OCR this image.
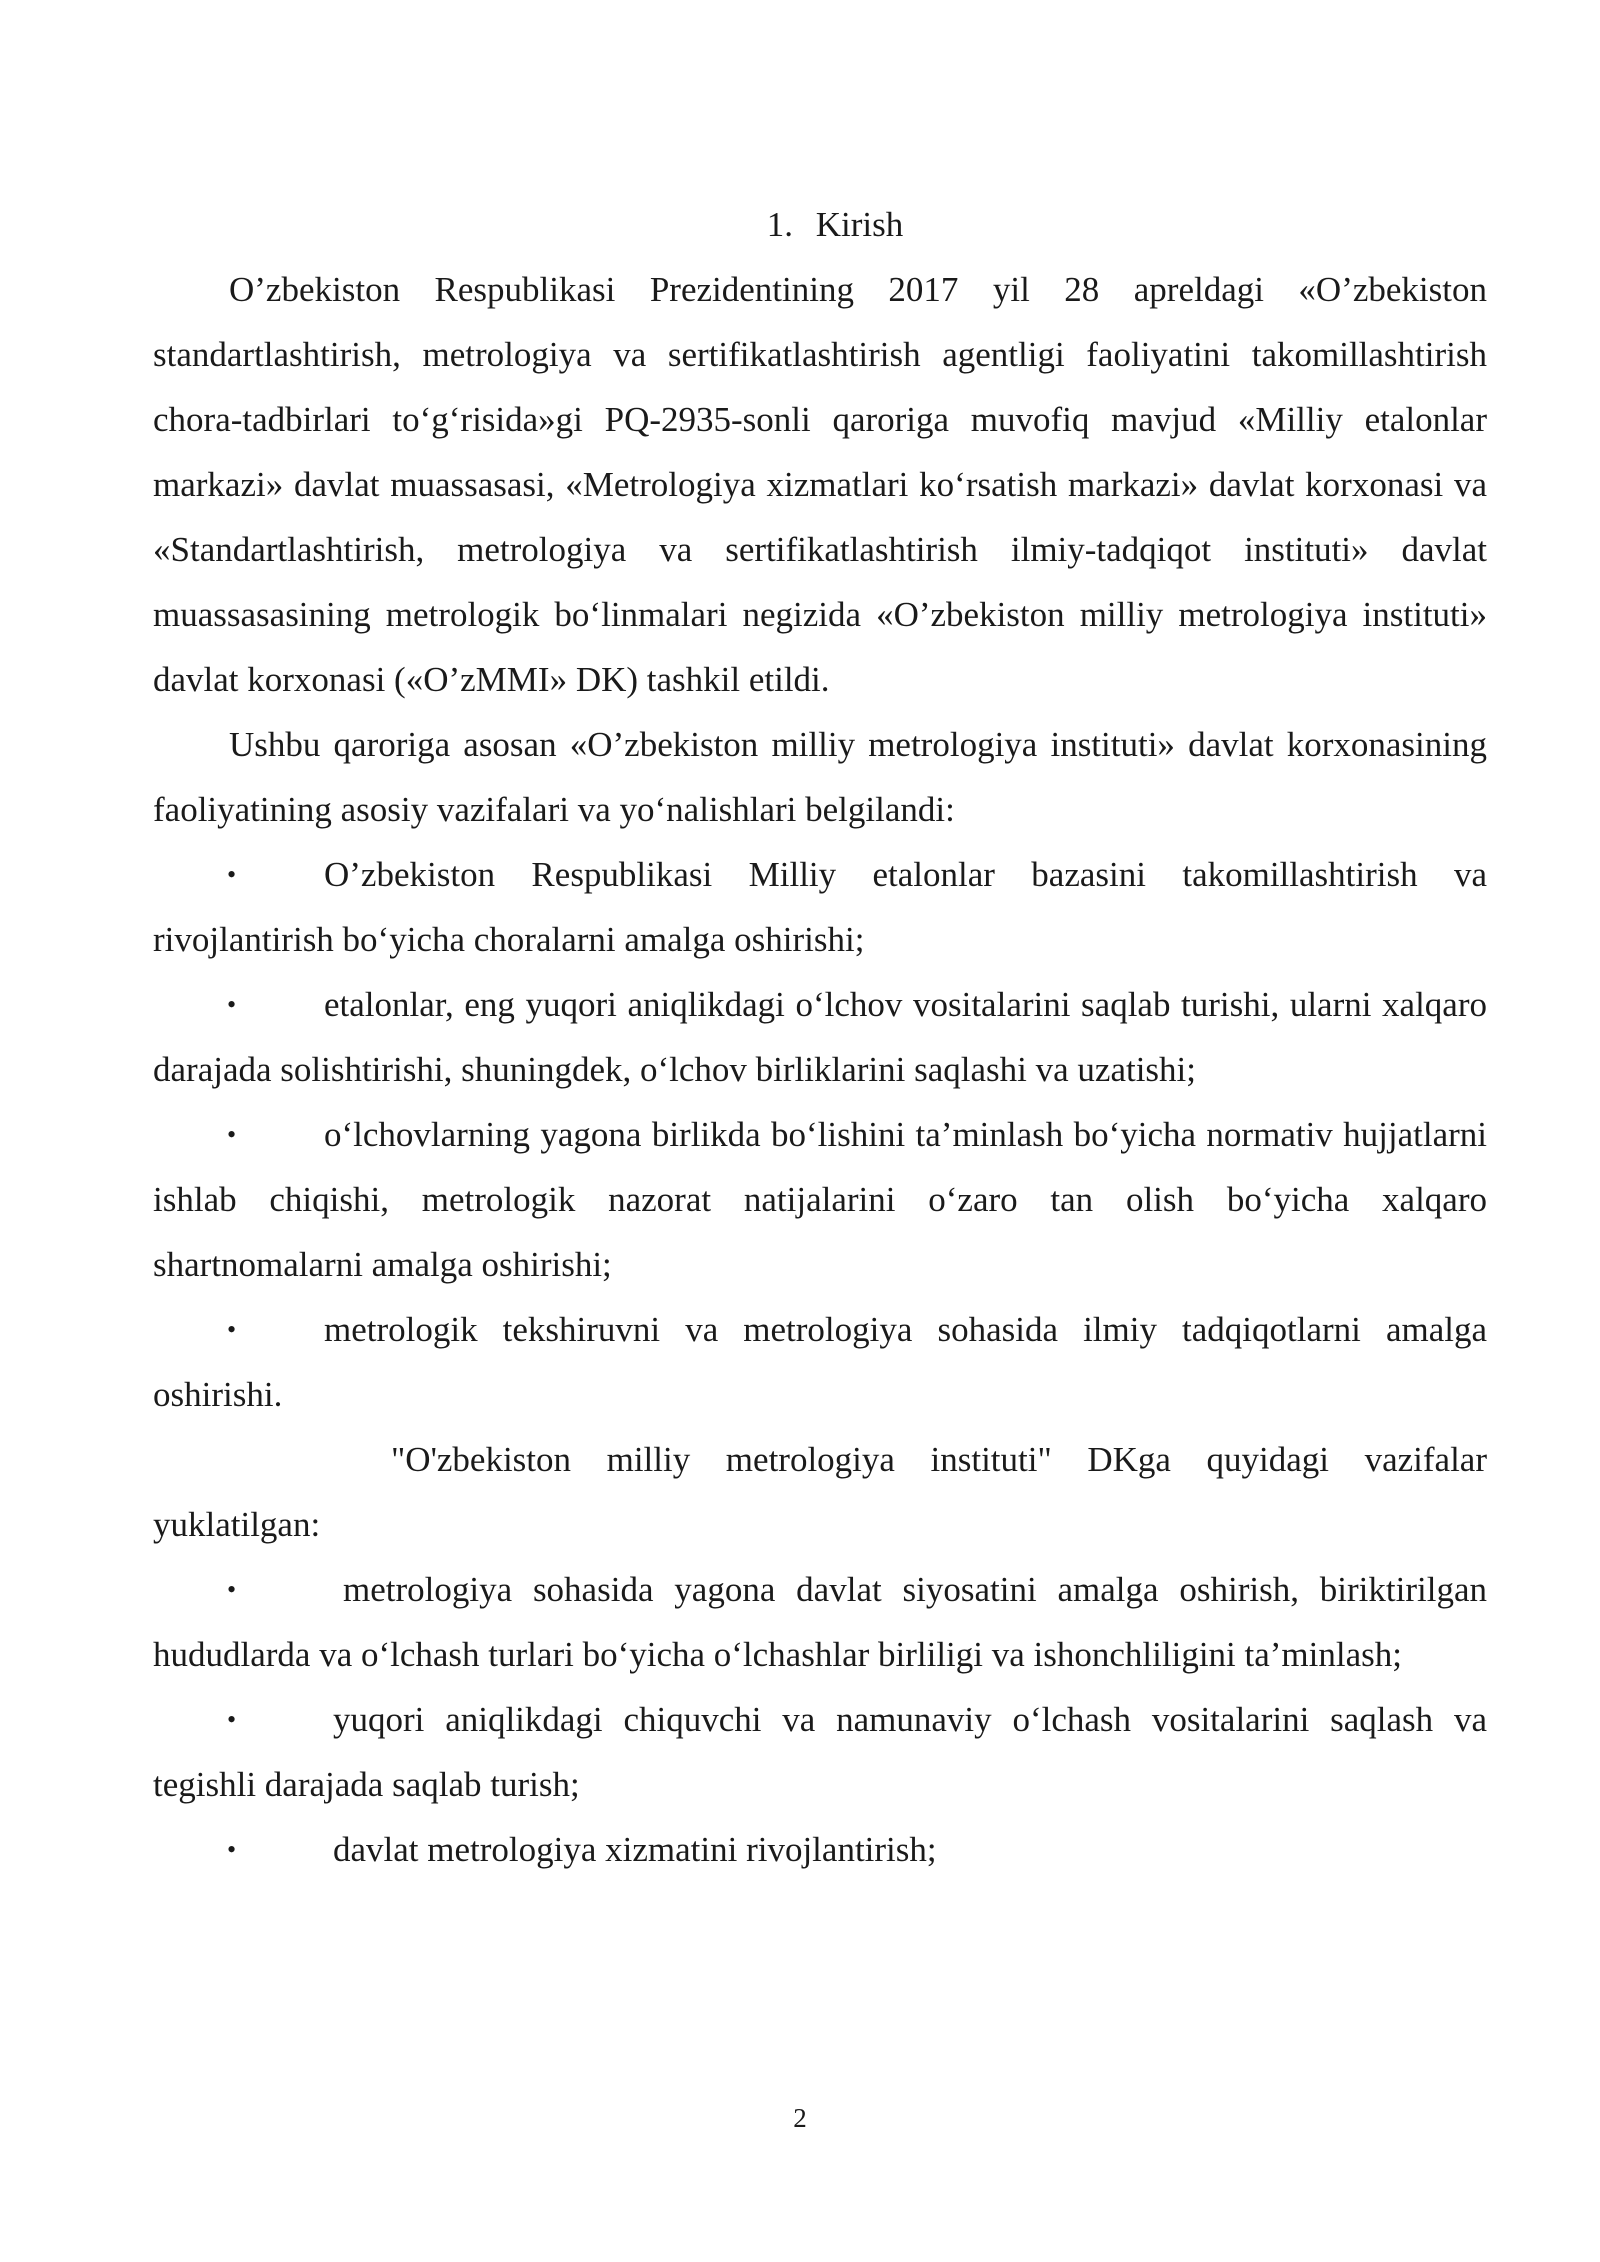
1. Kirish

O’zbekiston Respublikasi Prezidentining 2017 yil 28 apreldagi «O’zbekiston standartlashtirish, metrologiya va sertifikatlashtirish agentligi faoliyatini takomillashtirish chora-tadbirlari to‘g‘risida»gi PQ-2935-sonli qaroriga muvofiq mavjud «Milliy etalonlar markazi» davlat muassasasi, «Metrologiya xizmatlari ko‘rsatish markazi» davlat korxonasi va «Standartlashtirish, metrologiya va sertifikatlashtirish ilmiy-tadqiqot instituti» davlat muassasasining metrologik bo‘linmalari negizida «O’zbekiston milliy metrologiya instituti» davlat korxonasi («O’zMMI» DK) tashkil etildi.

Ushbu qaroriga asosan «O’zbekiston milliy metrologiya instituti» davlat korxonasining faoliyatining asosiy vazifalari va yo‘nalishlari belgilandi:

•	O’zbekiston Respublikasi Milliy etalonlar bazasini takomillashtirish va rivojlantirish bo‘yicha choralarni amalga oshirishi;

•	etalonlar, eng yuqori aniqlikdagi o‘lchov vositalarini saqlab turishi, ularni xalqaro darajada solishtirishi, shuningdek, o‘lchov birliklarini saqlashi va uzatishi;

•	o‘lchovlarning yagona birlikda bo‘lishini ta’minlash bo‘yicha normativ hujjatlarni ishlab chiqishi, metrologik nazorat natijalarini o‘zaro tan olish bo‘yicha xalqaro shartnomalarni amalga oshirishi;

•	metrologik tekshiruvni va metrologiya sohasida ilmiy tadqiqotlarni amalga oshirishi.

"O'zbekiston milliy metrologiya instituti" DKga quyidagi vazifalar yuklatilgan:

•	metrologiya sohasida yagona davlat siyosatini amalga oshirish, biriktirilgan hududlarda va o‘lchash turlari bo‘yicha o‘lchashlar birliligi va ishonchliligini ta’minlash;

•	yuqori aniqlikdagi chiquvchi va namunaviy o‘lchash vositalarini saqlash va tegishli darajada saqlab turish;

•	davlat metrologiya xizmatini rivojlantirish;

2
